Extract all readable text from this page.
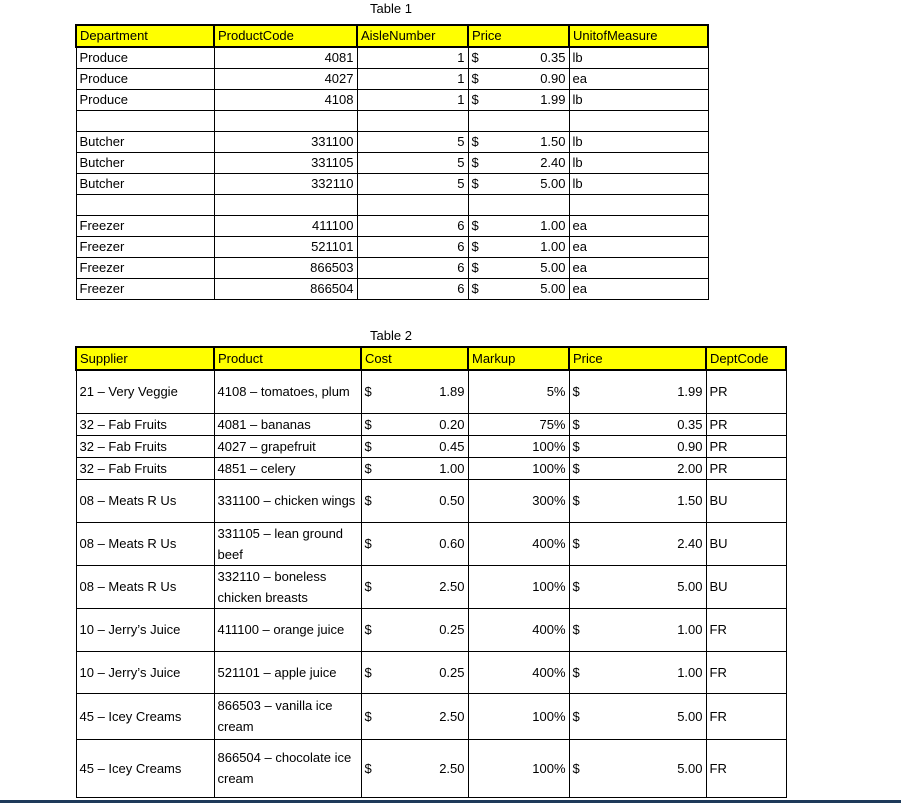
Table 1
Department	ProductCode	AisleNumber	Price	UnitofMeasure
Produce	4081	1	$ 0.35	lb
Produce	4027	1	$ 0.90	ea
Produce	4108	1	$ 1.99	lb

Butcher	331100	5	$ 1.50	lb
Butcher	331105	5	$ 2.40	lb
Butcher	332110	5	$ 5.00	lb

Freezer	411100	6	$ 1.00	ea
Freezer	521101	6	$ 1.00	ea
Freezer	866503	6	$ 5.00	ea
Freezer	866504	6	$ 5.00	ea
Table 2
Supplier	Product	Cost	Markup	Price	DeptCode
21 – Very Veggie	4108 – tomatoes, plum	$ 1.89	5%	$ 1.99	PR
32 – Fab Fruits	4081 – bananas	$ 0.20	75%	$ 0.35	PR
32 – Fab Fruits	4027 – grapefruit	$ 0.45	100%	$ 0.90	PR
32 – Fab Fruits	4851 – celery	$ 1.00	100%	$ 2.00	PR
08 – Meats R Us	331100 – chicken wings	$ 0.50	300%	$ 1.50	BU
08 – Meats R Us	331105 – lean ground beef	$ 0.60	400%	$ 2.40	BU
08 – Meats R Us	332110 – boneless chicken breasts	$ 2.50	100%	$ 5.00	BU
10 – Jerry’s Juice	411100 – orange juice	$ 0.25	400%	$ 1.00	FR
10 – Jerry’s Juice	521101 – apple juice	$ 0.25	400%	$ 1.00	FR
45 – Icey Creams	866503 – vanilla ice cream	$ 2.50	100%	$ 5.00	FR
45 – Icey Creams	866504 – chocolate ice cream	$ 2.50	100%	$ 5.00	FR
